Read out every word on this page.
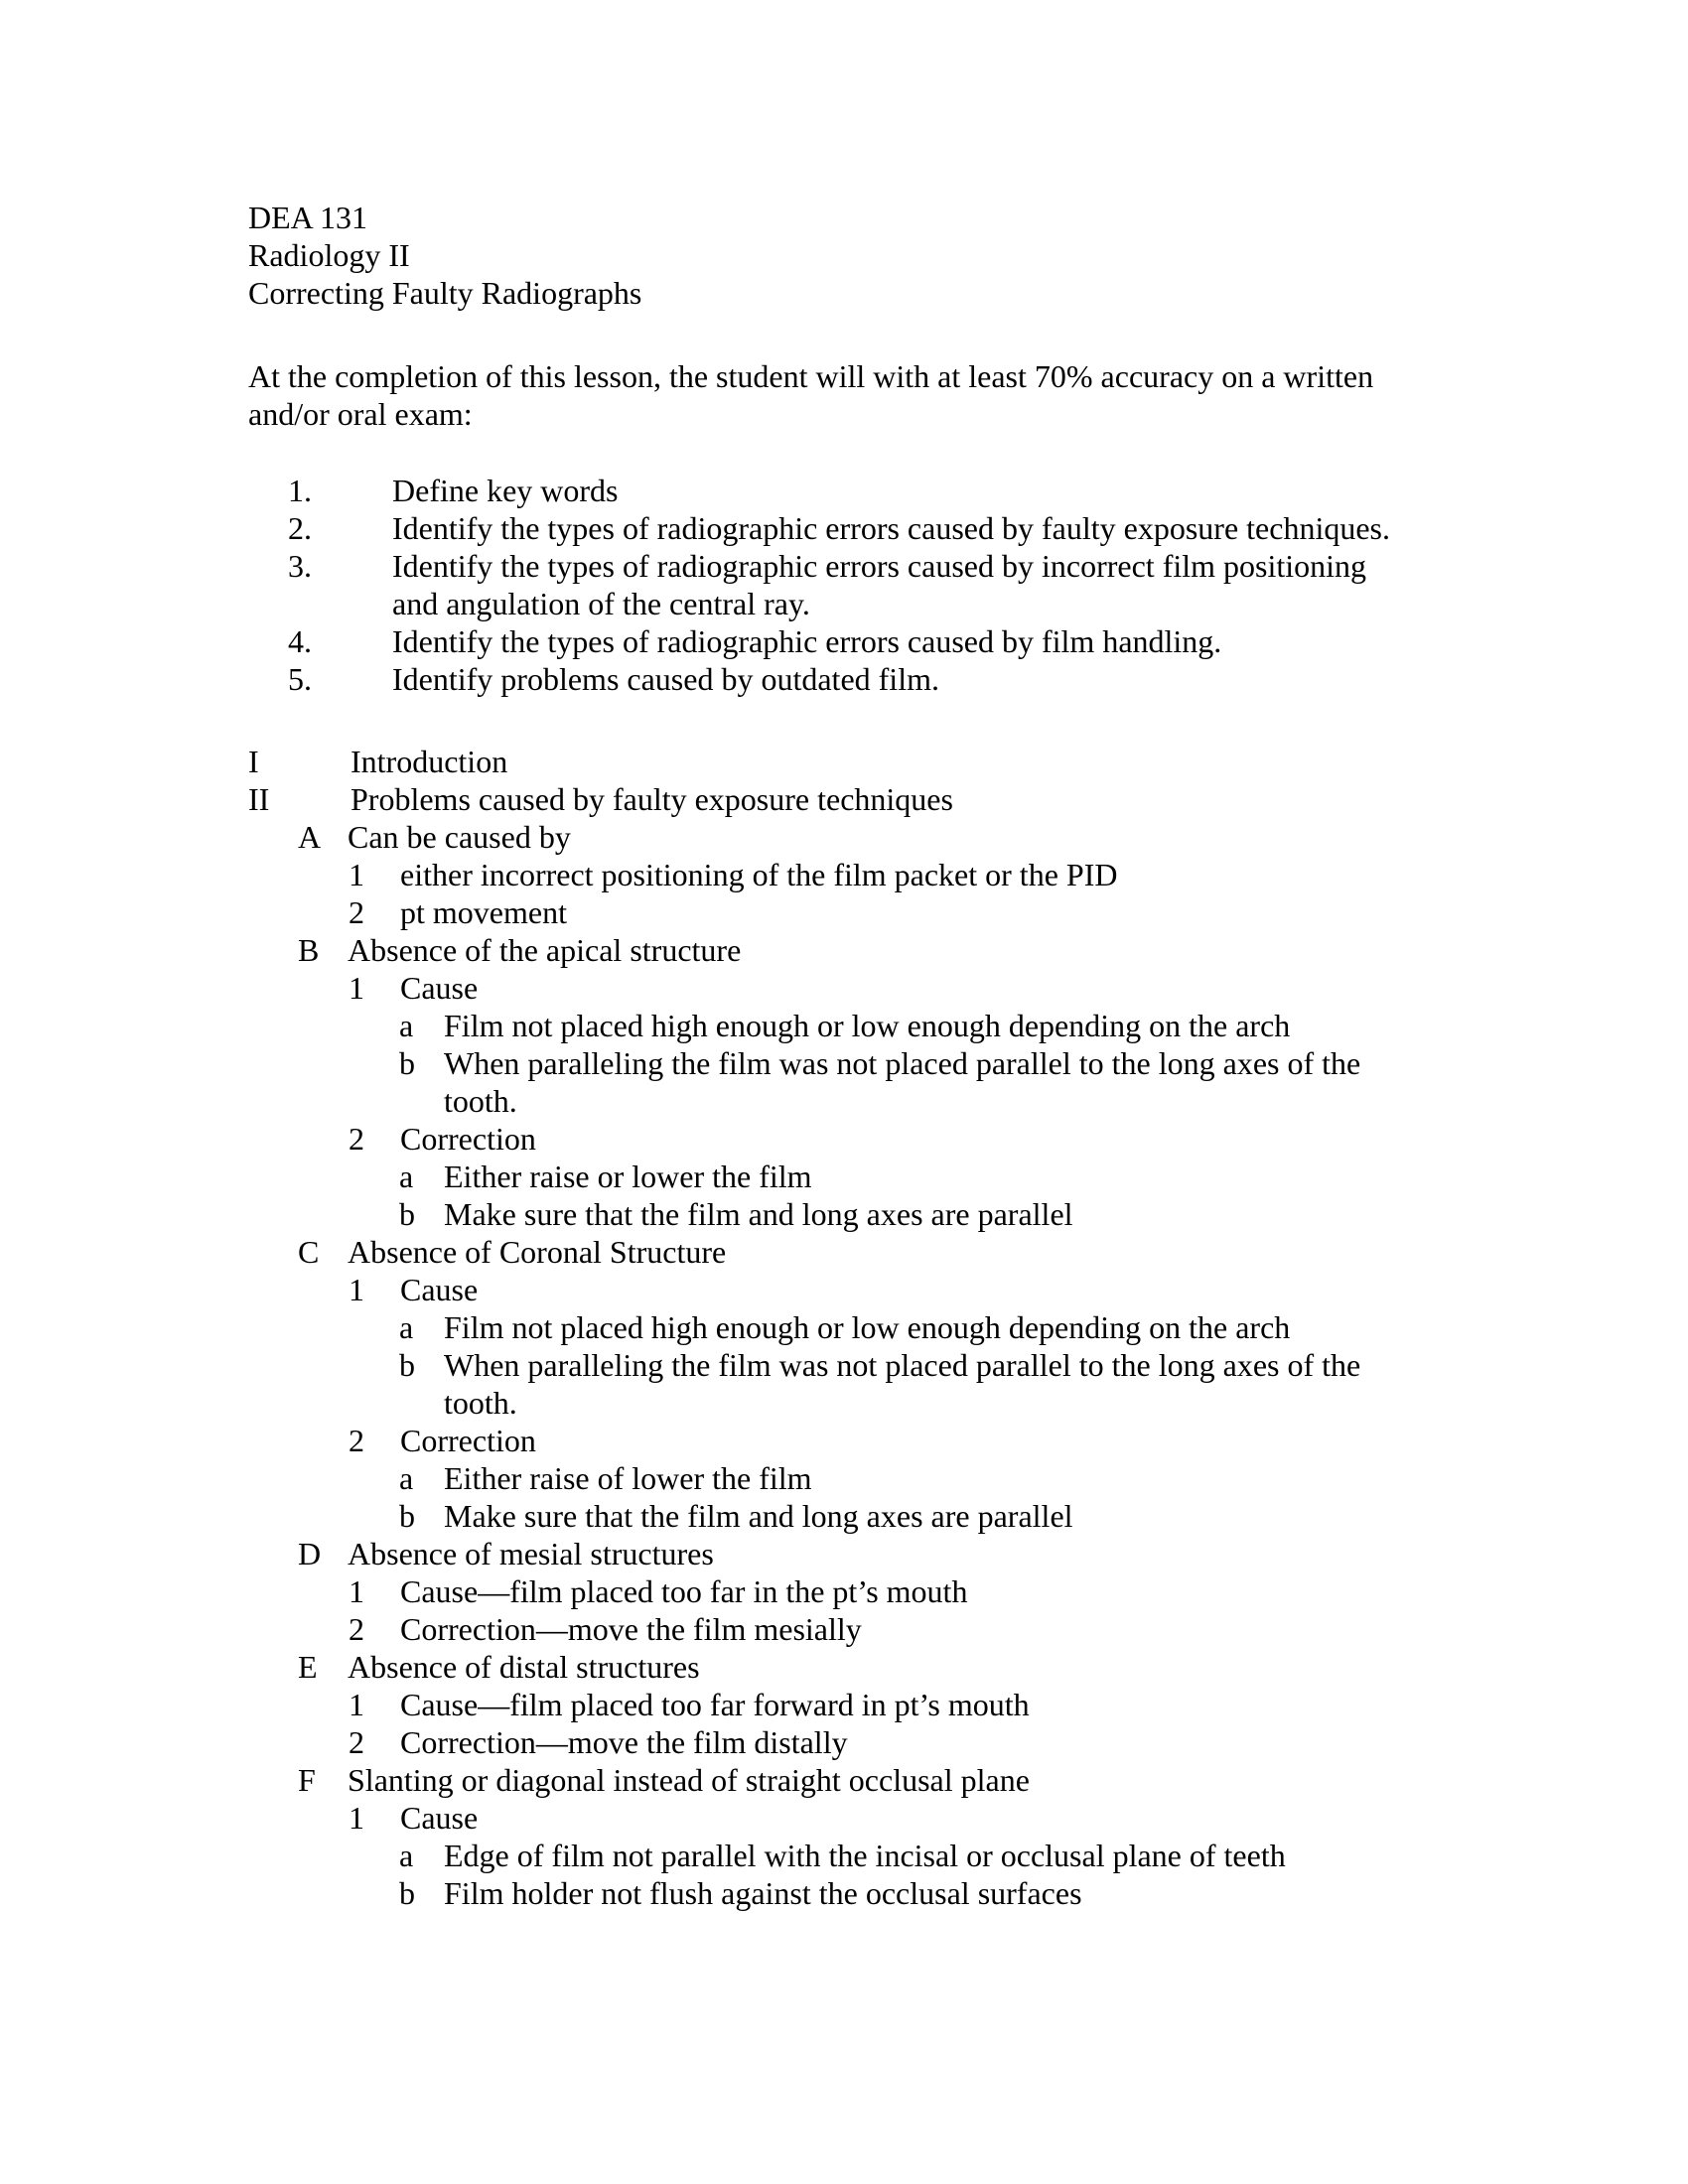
DEA 131
Radiology II
Correcting Faulty Radiographs
At the completion of this lesson, the student will with at least 70% accuracy on a written
and/or oral exam:
1.	Define key words
2.	Identify the types of radiographic errors caused by faulty exposure techniques.
3.	Identify the types of radiographic errors caused by incorrect film positioning
and angulation of the central ray.
4.	Identify the types of radiographic errors caused by film handling.
5.	Identify problems caused by outdated film.
I	Introduction
II	Problems caused by faulty exposure techniques
A Can be caused by
1 either incorrect positioning of the film packet or the PID
2 pt movement
B Absence of the apical structure
1 Cause
a Film not placed high enough or low enough depending on the arch
b When paralleling the film was not placed parallel to the long axes of the
tooth.
2 Correction
a Either raise or lower the film
b Make sure that the film and long axes are parallel
C Absence of Coronal Structure
1 Cause
a Film not placed high enough or low enough depending on the arch
b When paralleling the film was not placed parallel to the long axes of the
tooth.
2 Correction
a Either raise of lower the film
b Make sure that the film and long axes are parallel
D Absence of mesial structures
1 Cause—film placed too far in the pt’s mouth
2 Correction—move the film mesially
E Absence of distal structures
1 Cause—film placed too far forward in pt’s mouth
2 Correction—move the film distally
F Slanting or diagonal instead of straight occlusal plane
1 Cause
a Edge of film not parallel with the incisal or occlusal plane of teeth
b Film holder not flush against the occlusal surfaces
